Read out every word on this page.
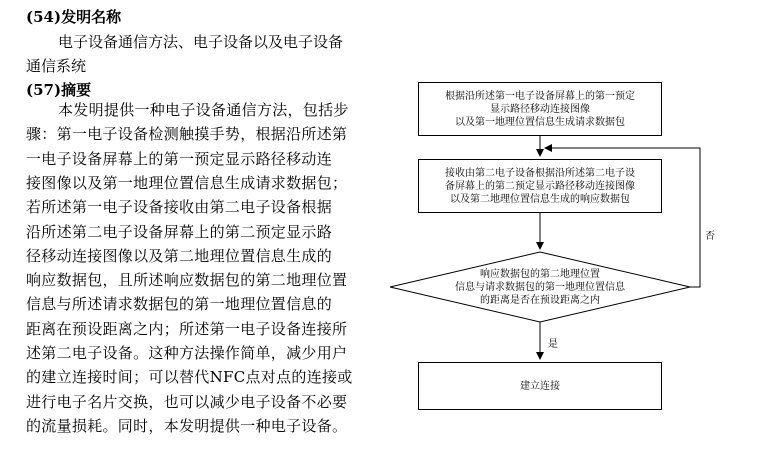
(54)发明名称
电子设备通信方法、电子设备以及电子设备
通信系统
(57)摘要
本发明提供一种电子设备通信方法，包括步
骤：第一电子设备检测触摸手势，根据沿所述第
一电子设备屏幕上的第一预定显示路径移动连
接图像以及第一地理位置信息生成请求数据包；
若所述第一电子设备接收由第二电子设备根据
沿所述第二电子设备屏幕上的第二预定显示路
径移动连接图像以及第二地理位置信息生成的
响应数据包，且所述响应数据包的第二地理位置
信息与所述请求数据包的第一地理位置信息的
距离在预设距离之内；所述第一电子设备连接所
述第二电子设备。这种方法操作简单，减少用户
的建立连接时间；可以替代NFC点对点的连接或
进行电子名片交换，也可以减少电子设备不必要
的流量损耗。同时，本发明提供一种电子设备。
根据沿所述第一电子设备屏幕上的第一预定
显示路径移动连接图像
以及第一地理位置信息生成请求数据包
接收由第二电子设备根据沿所述第二电子设
备屏幕上的第二预定显示路径移动连接图像
以及第二地理位置信息生成的响应数据包
响应数据包的第二地理位置
信息与请求数据包的第一地理位置信息
的距离是否在预设距离之内
否
是
建立连接
